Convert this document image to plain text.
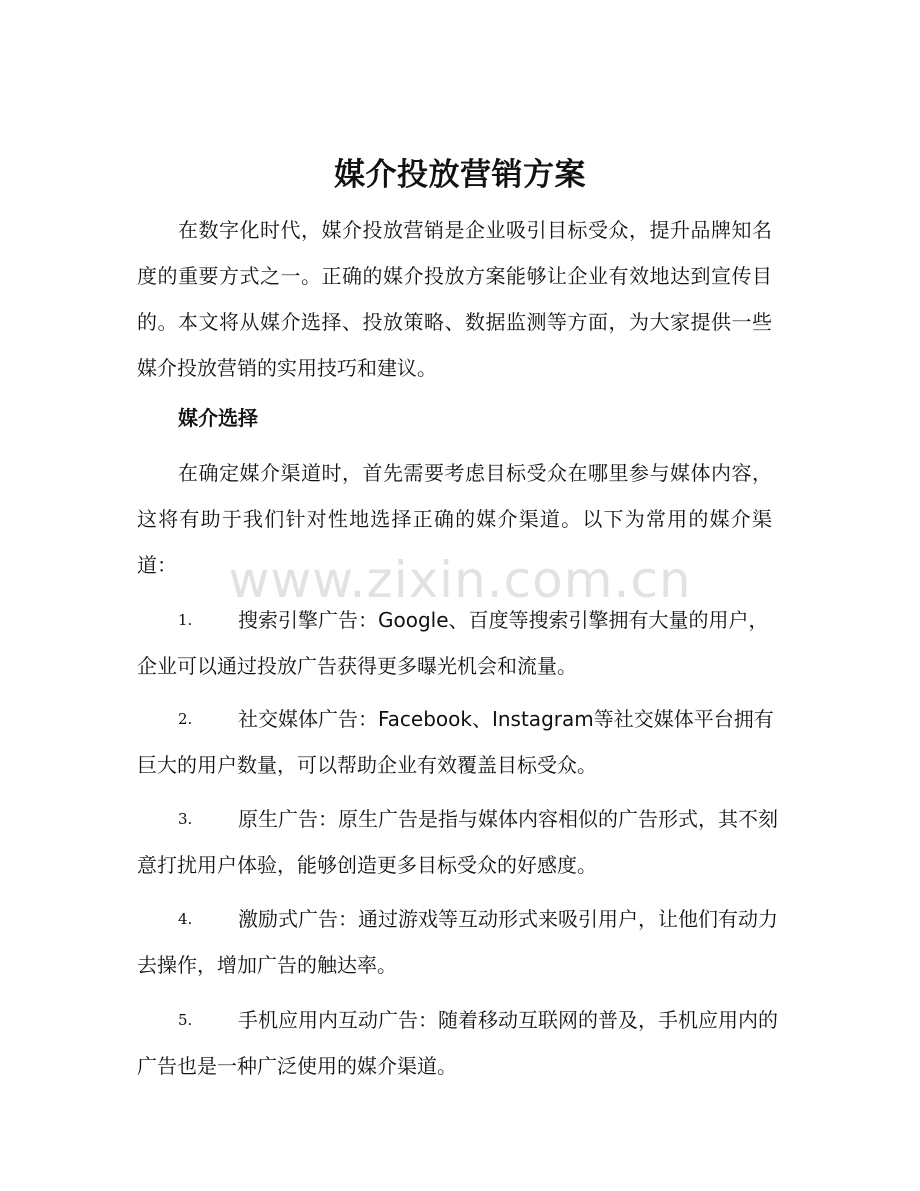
媒介投放营销方案
在数字化时代，媒介投放营销是企业吸引目标受众，提升品牌知名度的重要方式之一。正确的媒介投放方案能够让企业有效地达到宣传目的。本文将从媒介选择、投放策略、数据监测等方面，为大家提供一些媒介投放营销的实用技巧和建议。
媒介选择
在确定媒介渠道时，首先需要考虑目标受众在哪里参与媒体内容，这将有助于我们针对性地选择正确的媒介渠道。以下为常用的媒介渠道：
1. 搜索引擎广告：Google、百度等搜索引擎拥有大量的用户，企业可以通过投放广告获得更多曝光机会和流量。
2. 社交媒体广告：Facebook、Instagram等社交媒体平台拥有巨大的用户数量，可以帮助企业有效覆盖目标受众。
3. 原生广告：原生广告是指与媒体内容相似的广告形式，其不刻意打扰用户体验，能够创造更多目标受众的好感度。
4. 激励式广告：通过游戏等互动形式来吸引用户，让他们有动力去操作，增加广告的触达率。
5. 手机应用内互动广告：随着移动互联网的普及，手机应用内的广告也是一种广泛使用的媒介渠道。
www.zixin.com.cn
